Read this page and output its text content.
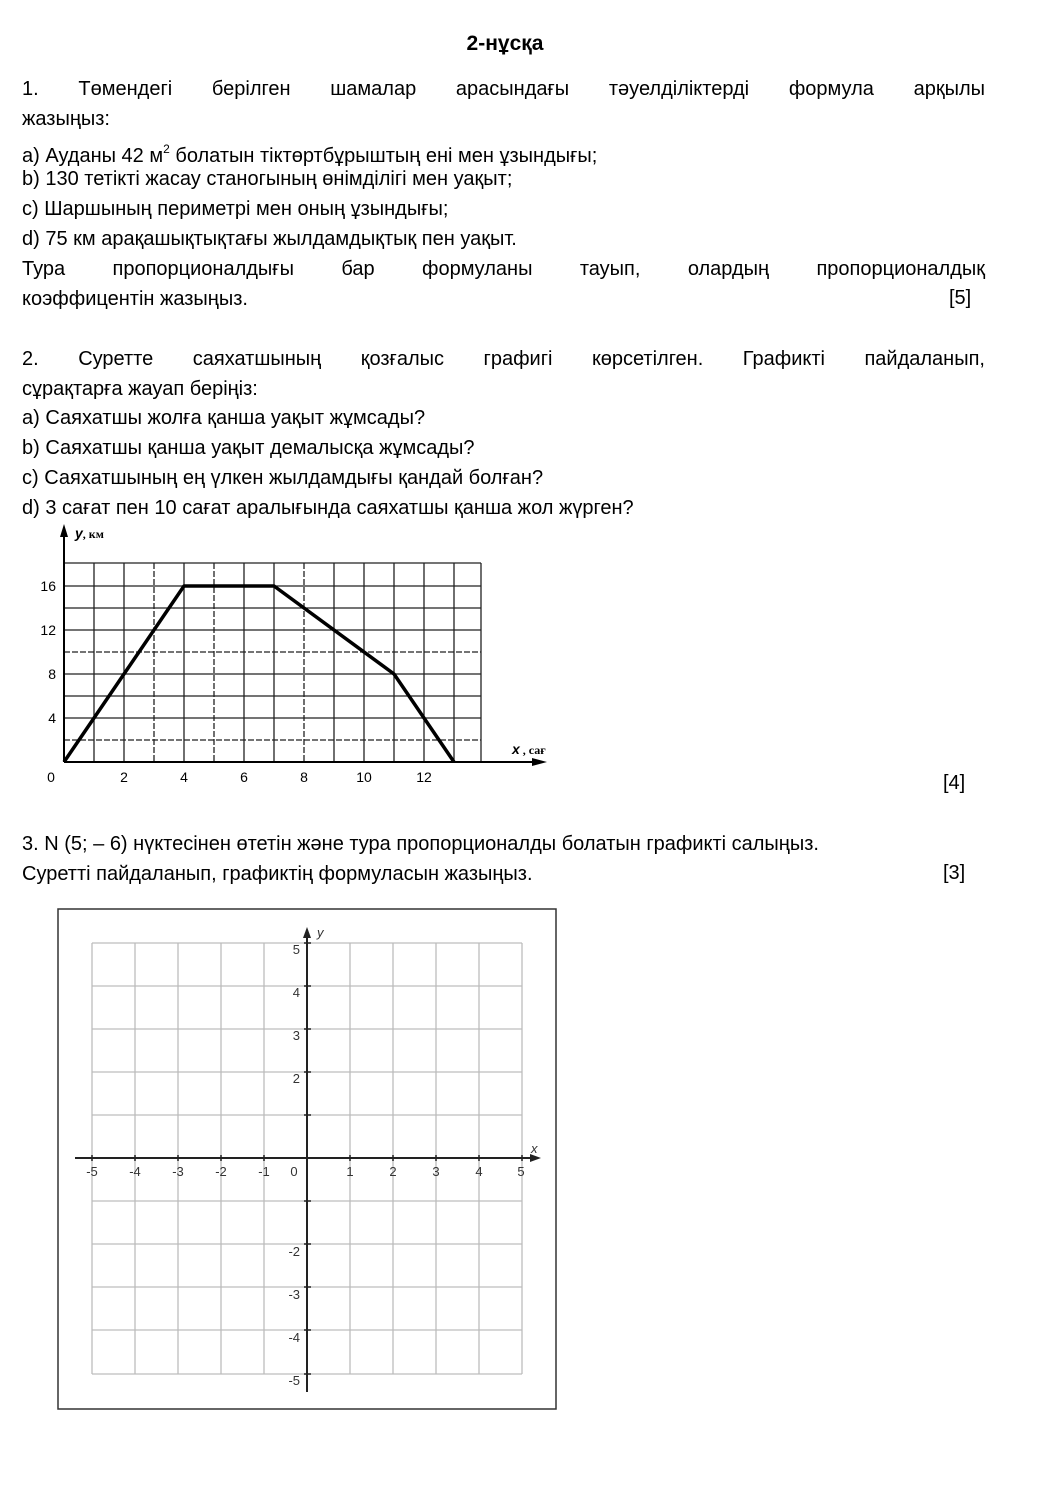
2-нұсқа
1. Төмендегі берілген шамалар арасындағы тәуелділіктерді формула арқылы
жазыңыз:
a) Ауданы 42 $м^2$ болатын тіктөртбұрыштың ені мен ұзындығы;
b) 130 тетікті жасау станогының өнімділігі мен уақыт;
c) Шаршының периметрі мен оның ұзындығы;
d) 75 км арақашықтықтағы жылдамдықтық пен уақыт.
Тура пропорционалдығы бар формуланы тауып, олардың пропорционалдық
коэффицентін жазыңыз.	[5]
2. Суретте саяхатшының қозғалыс графигі көрсетілген. Графикті пайдаланып,
сұрақтарға жауап беріңіз:
a) Саяхатшы жолға қанша уақыт жұмсады?
b) Саяхатшы қанша уақыт демалысқа жұмсады?
c) Саяхатшының ең үлкен жылдамдығы қандай болған?
d) 3 сағат пен 10 сағат аралығында саяхатшы қанша жол жүрген?
16
12
8
4
0	2	4	6	8	10	12
y, км
x , сағ
[4]
3. N (5; – 6) нүктесінен өтетін және тура пропорционалды болатын графикті салыңыз.
Суретті пайдаланып, графиктің формуласын жазыңыз.	[3]
-5 -4 -3 -2 -1 0	1	2	3	4	5
5
4
3
2
-2
-3
-4
-5
y
x
